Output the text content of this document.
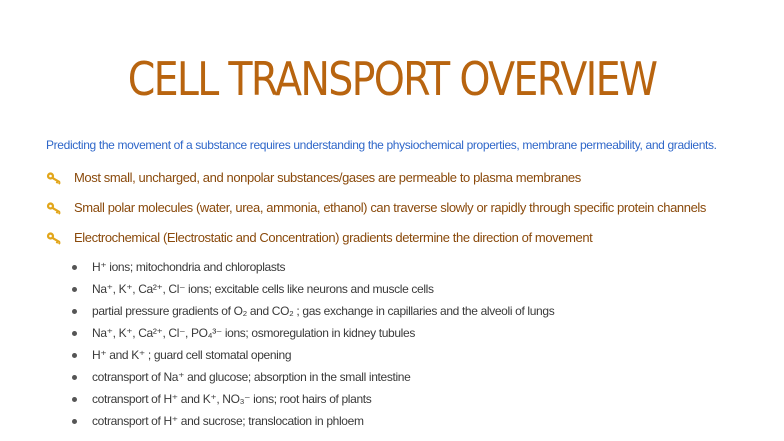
CELL TRANSPORT OVERVIEW
Predicting the movement of a substance requires understanding the physiochemical properties, membrane permeability, and gradients.
Most small, uncharged, and nonpolar substances/gases are permeable to plasma membranes
Small polar molecules (water, urea, ammonia, ethanol) can traverse slowly or rapidly through specific protein channels
Electrochemical (Electrostatic and Concentration) gradients determine the direction of movement
H⁺ ions; mitochondria and chloroplasts
Na⁺, K⁺, Ca²⁺, Cl⁻ ions; excitable cells like neurons and muscle cells
partial pressure gradients of O₂ and CO₂ ; gas exchange in capillaries and the alveoli of lungs
Na⁺, K⁺, Ca²⁺, Cl⁻, PO₄³⁻ ions; osmoregulation in kidney tubules
H⁺ and K⁺ ; guard cell stomatal opening
cotransport of Na⁺ and glucose; absorption in the small intestine
cotransport of H⁺ and K⁺, NO₃⁻ ions; root hairs of plants
cotransport of H⁺ and sucrose; translocation in phloem
